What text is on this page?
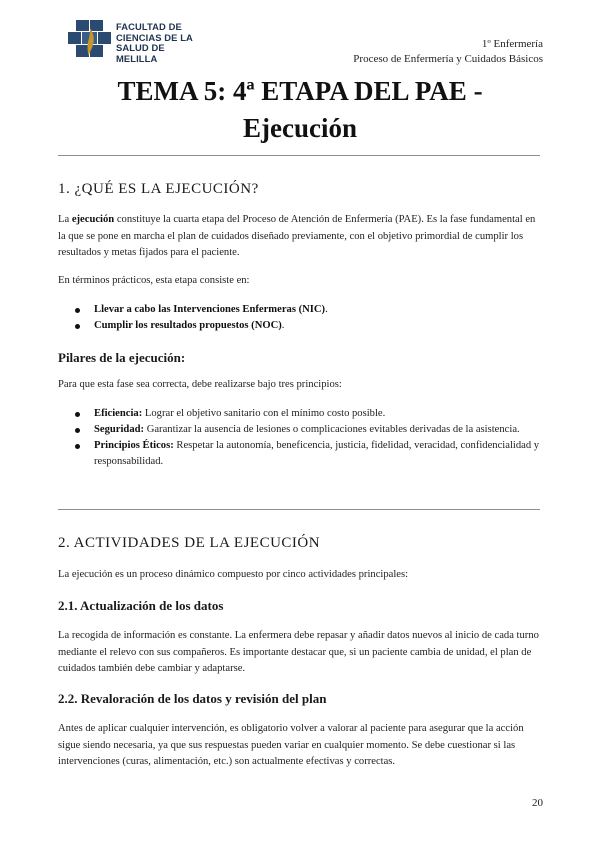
FACULTAD DE
CIENCIAS DE LA
SALUD DE MELILLA
1º Enfermería
Proceso de Enfermería y Cuidados Básicos
TEMA 5: 4ª ETAPA DEL PAE -
Ejecución
1. ¿QUÉ ES LA EJECUCIÓN?
La ejecución constituye la cuarta etapa del Proceso de Atención de Enfermería (PAE). Es la fase fundamental en la que se pone en marcha el plan de cuidados diseñado previamente, con el objetivo primordial de cumplir los resultados y metas fijados para el paciente.
En términos prácticos, esta etapa consiste en:
Llevar a cabo las Intervenciones Enfermeras (NIC).
Cumplir los resultados propuestos (NOC).
Pilares de la ejecución:
Para que esta fase sea correcta, debe realizarse bajo tres principios:
Eficiencia: Lograr el objetivo sanitario con el mínimo costo posible.
Seguridad: Garantizar la ausencia de lesiones o complicaciones evitables derivadas de la asistencia.
Principios Éticos: Respetar la autonomía, beneficencia, justicia, fidelidad, veracidad, confidencialidad y responsabilidad.
2. ACTIVIDADES DE LA EJECUCIÓN
La ejecución es un proceso dinámico compuesto por cinco actividades principales:
2.1. Actualización de los datos
La recogida de información es constante. La enfermera debe repasar y añadir datos nuevos al inicio de cada turno mediante el relevo con sus compañeros. Es importante destacar que, si un paciente cambia de unidad, el plan de cuidados también debe cambiar y adaptarse.
2.2. Revaloración de los datos y revisión del plan
Antes de aplicar cualquier intervención, es obligatorio volver a valorar al paciente para asegurar que la acción sigue siendo necesaria, ya que sus respuestas pueden variar en cualquier momento. Se debe cuestionar si las intervenciones (curas, alimentación, etc.) son actualmente efectivas y correctas.
20
